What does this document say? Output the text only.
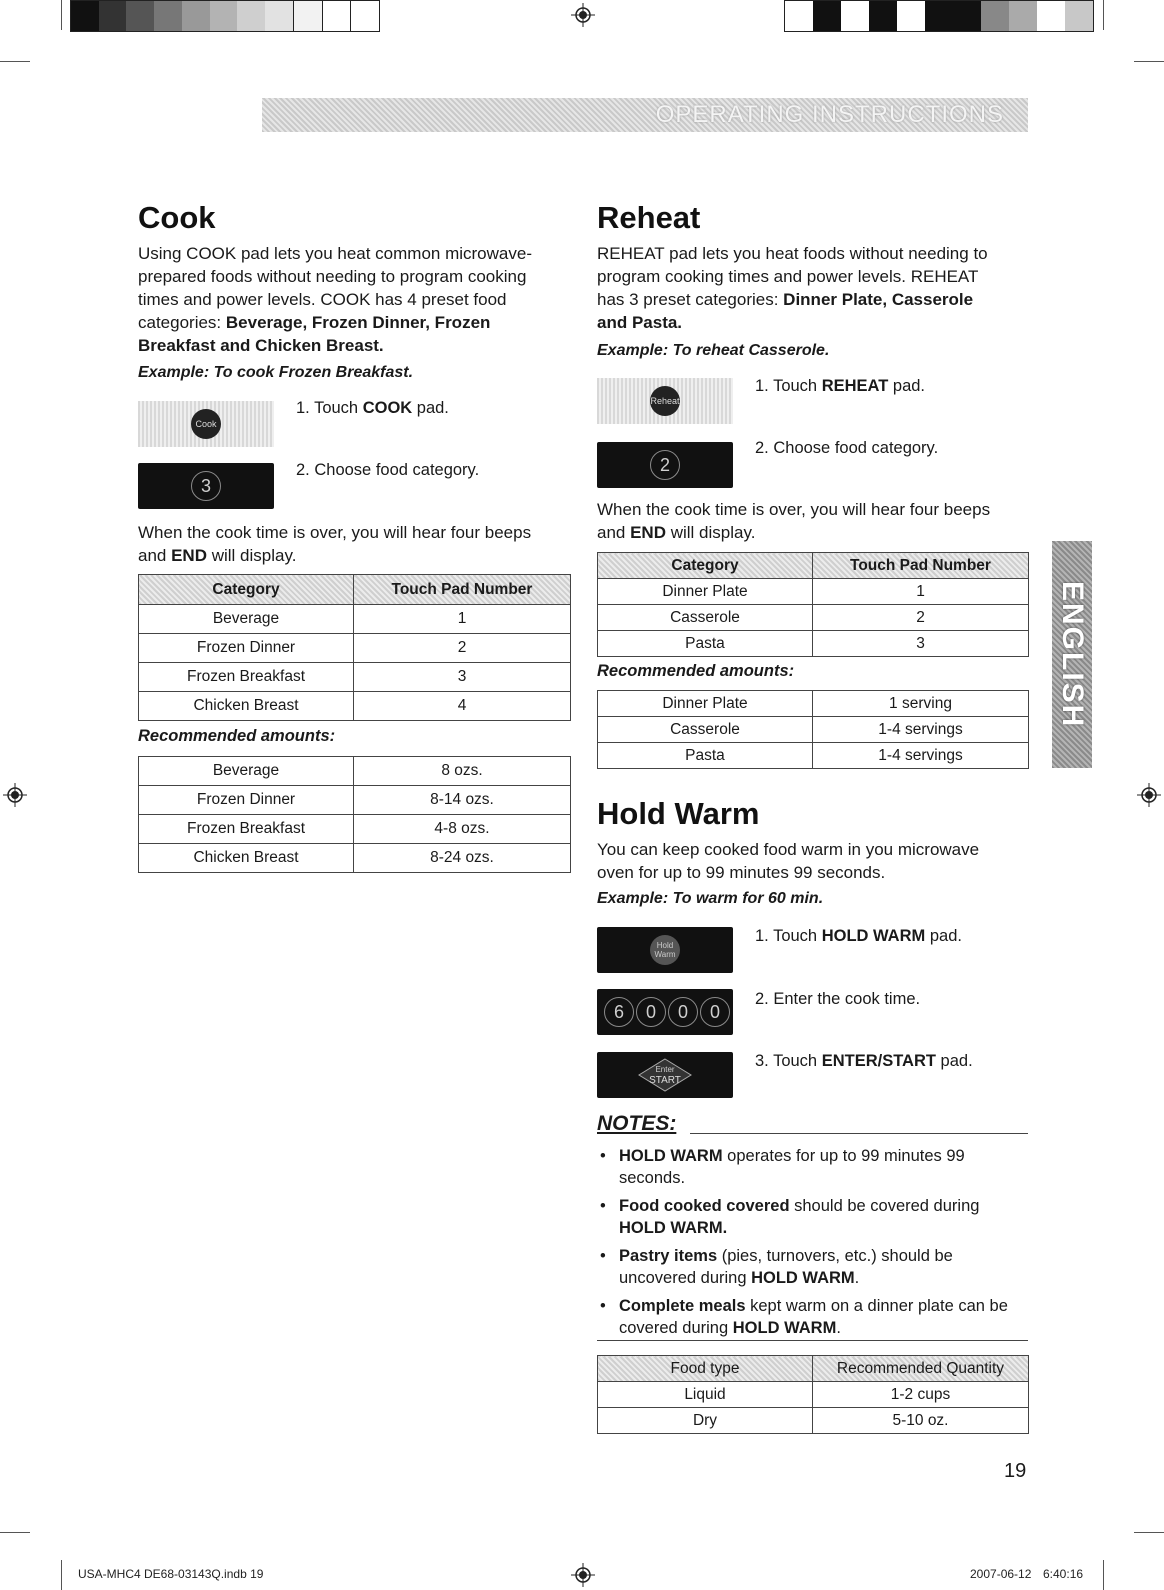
OPERATING INSTRUCTIONS
ENGLISH
Cook

Using COOK pad lets you heat common microwave-

prepared foods without needing to program cooking

times and power levels. COOK has 4 preset food

categories: Beverage, Frozen Dinner, Frozen

Breakfast and Chicken Breast.

Example: To cook Frozen Breakfast.

Cook
1. Touch COOK pad.
3
2. Choose food category.

When the cook time is over, you will hear four beeps

and END will display.

Category	Touch Pad Number
Beverage	1
Frozen Dinner	2
Frozen Breakfast	3
Chicken Breast	4
Recommended amounts:
Beverage	8 ozs.
Frozen Dinner	8-14 ozs.
Frozen Breakfast	4-8 ozs.
Chicken Breast	8-24 ozs.
Reheat

REHEAT pad lets you heat foods without needing to

program cooking times and power levels. REHEAT

has 3 preset categories: Dinner Plate, Casserole

and Pasta.

Example: To reheat Casserole.

Reheat
1. Touch REHEAT pad.
2
2. Choose food category.

When the cook time is over, you will hear four beeps

and END will display.

Category	Touch Pad Number
Dinner Plate	1
Casserole	2
Pasta	3
Recommended amounts:
Dinner Plate	1 serving
Casserole	1-4 servings
Pasta	1-4 servings
Hold Warm

You can keep cooked food warm in you microwave

oven for up to 99 minutes 99 seconds.

Example: To warm for 60 min.

Hold
Warm
1. Touch HOLD WARM pad.
6	0	0	0
2. Enter the cook time.
Enter
START
3. Touch ENTER/START pad.
NOTES:
• HOLD WARM operates for up to 99 minutes 99 seconds.
• Food cooked covered should be covered during HOLD WARM.
• Pastry items (pies, turnovers, etc.) should be uncovered during HOLD WARM.
• Complete meals kept warm on a dinner plate can be covered during HOLD WARM.
Food type	Recommended Quantity
Liquid	1-2 cups
Dry	5-10 oz.
19
USA-MHC4 DE68-03143Q.indb 19	2007-06-12 6:40:16
